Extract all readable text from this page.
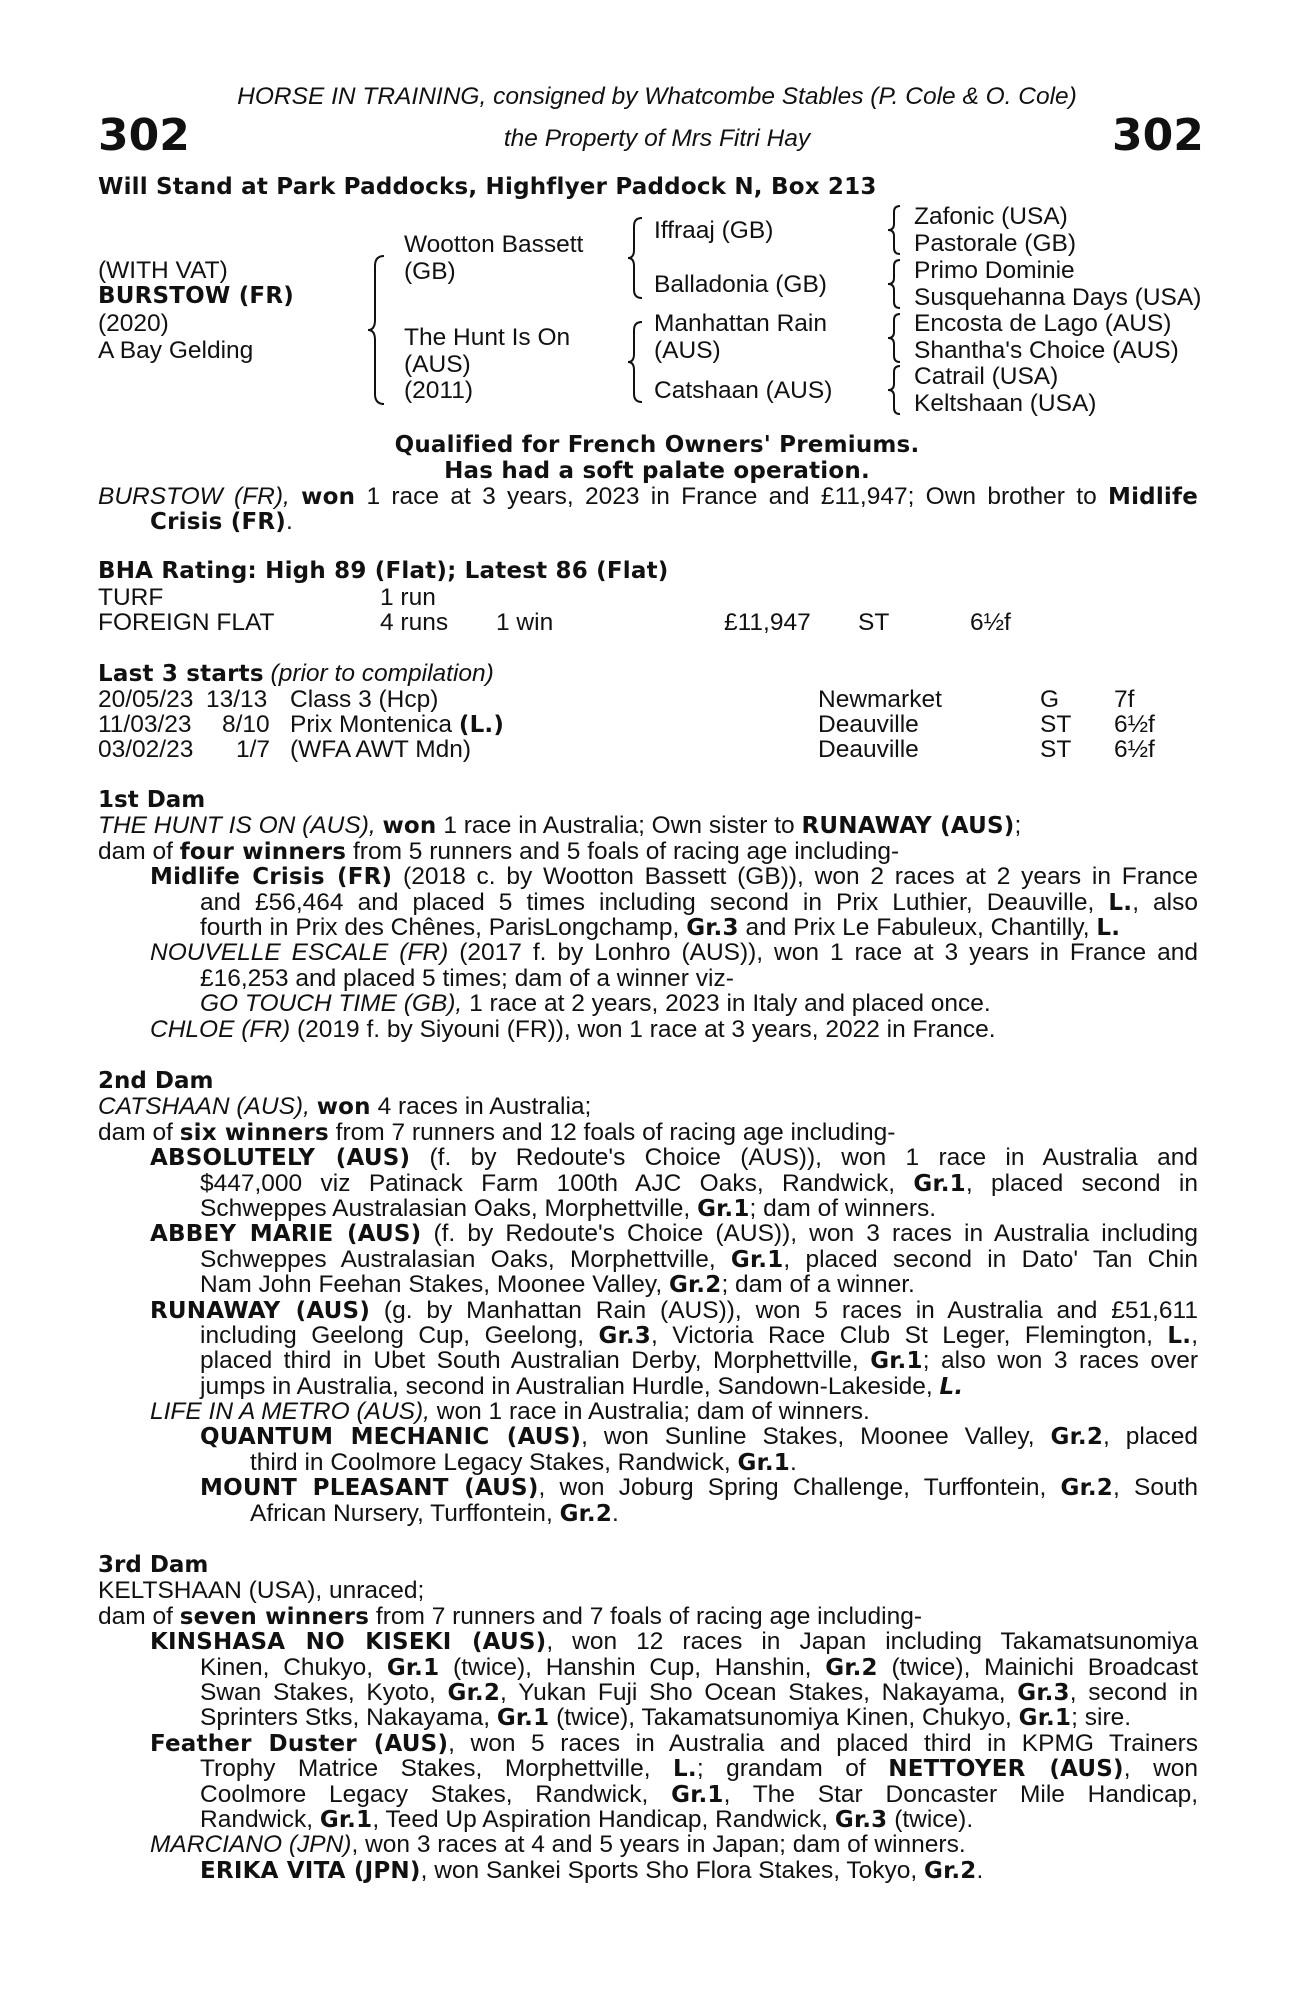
HORSE IN TRAINING, consigned by Whatcombe Stables (P. Cole & O. Cole)
302	the Property of Mrs Fitri Hay	302
Will Stand at Park Paddocks, Highflyer Paddock N, Box 213
(WITH VAT)
BURSTOW (FR)
(2020)
A Bay Gelding
Wootton Bassett
(GB)
The Hunt Is On
(AUS)
(2011)
Iffraaj (GB)
Balladonia (GB)
Manhattan Rain
(AUS)
Catshaan (AUS)
Zafonic (USA)
Pastorale (GB)
Primo Dominie
Susquehanna Days (USA)
Encosta de Lago (AUS)
Shantha's Choice (AUS)
Catrail (USA)
Keltshaan (USA)
Qualified for French Owners' Premiums.
Has had a soft palate operation.
BURSTOW (FR), won 1 race at 3 years, 2023 in France and £11,947; Own brother to Midlife
Crisis (FR).
BHA Rating: High 89 (Flat); Latest 86 (Flat)
TURF	1 run
FOREIGN FLAT	4 runs 1 win	£11,947 ST	6½f
Last 3 starts (prior to compilation)
20/05/23 13/13 Class 3 (Hcp)	Newmarket	G 7f
11/03/23 8/10 Prix Montenica (L.)	Deauville	ST 6½f
03/02/23 1/7 (WFA AWT Mdn)	Deauville	ST 6½f
1st Dam
THE HUNT IS ON (AUS), won 1 race in Australia; Own sister to RUNAWAY (AUS);
dam of four winners from 5 runners and 5 foals of racing age including-
Midlife Crisis (FR) (2018 c. by Wootton Bassett (GB)), won 2 races at 2 years in France
and £56,464 and placed 5 times including second in Prix Luthier, Deauville, L., also
fourth in Prix des Chênes, ParisLongchamp, Gr.3 and Prix Le Fabuleux, Chantilly, L.
NOUVELLE ESCALE (FR) (2017 f. by Lonhro (AUS)), won 1 race at 3 years in France and
£16,253 and placed 5 times; dam of a winner viz-
GO TOUCH TIME (GB), 1 race at 2 years, 2023 in Italy and placed once.
CHLOE (FR) (2019 f. by Siyouni (FR)), won 1 race at 3 years, 2022 in France.
2nd Dam
CATSHAAN (AUS), won 4 races in Australia;
dam of six winners from 7 runners and 12 foals of racing age including-
ABSOLUTELY (AUS) (f. by Redoute's Choice (AUS)), won 1 race in Australia and
$447,000 viz Patinack Farm 100th AJC Oaks, Randwick, Gr.1, placed second in
Schweppes Australasian Oaks, Morphettville, Gr.1; dam of winners.
ABBEY MARIE (AUS) (f. by Redoute's Choice (AUS)), won 3 races in Australia including
Schweppes Australasian Oaks, Morphettville, Gr.1, placed second in Dato' Tan Chin
Nam John Feehan Stakes, Moonee Valley, Gr.2; dam of a winner.
RUNAWAY (AUS) (g. by Manhattan Rain (AUS)), won 5 races in Australia and £51,611
including Geelong Cup, Geelong, Gr.3, Victoria Race Club St Leger, Flemington, L.,
placed third in Ubet South Australian Derby, Morphettville, Gr.1; also won 3 races over
jumps in Australia, second in Australian Hurdle, Sandown-Lakeside, L.
LIFE IN A METRO (AUS), won 1 race in Australia; dam of winners.
QUANTUM MECHANIC (AUS), won Sunline Stakes, Moonee Valley, Gr.2, placed
third in Coolmore Legacy Stakes, Randwick, Gr.1.
MOUNT PLEASANT (AUS), won Joburg Spring Challenge, Turffontein, Gr.2, South
African Nursery, Turffontein, Gr.2.
3rd Dam
KELTSHAAN (USA), unraced;
dam of seven winners from 7 runners and 7 foals of racing age including-
KINSHASA NO KISEKI (AUS), won 12 races in Japan including Takamatsunomiya
Kinen, Chukyo, Gr.1 (twice), Hanshin Cup, Hanshin, Gr.2 (twice), Mainichi Broadcast
Swan Stakes, Kyoto, Gr.2, Yukan Fuji Sho Ocean Stakes, Nakayama, Gr.3, second in
Sprinters Stks, Nakayama, Gr.1 (twice), Takamatsunomiya Kinen, Chukyo, Gr.1; sire.
Feather Duster (AUS), won 5 races in Australia and placed third in KPMG Trainers
Trophy Matrice Stakes, Morphettville, L.; grandam of NETTOYER (AUS), won
Coolmore Legacy Stakes, Randwick, Gr.1, The Star Doncaster Mile Handicap,
Randwick, Gr.1, Teed Up Aspiration Handicap, Randwick, Gr.3 (twice).
MARCIANO (JPN), won 3 races at 4 and 5 years in Japan; dam of winners.
ERIKA VITA (JPN), won Sankei Sports Sho Flora Stakes, Tokyo, Gr.2.
